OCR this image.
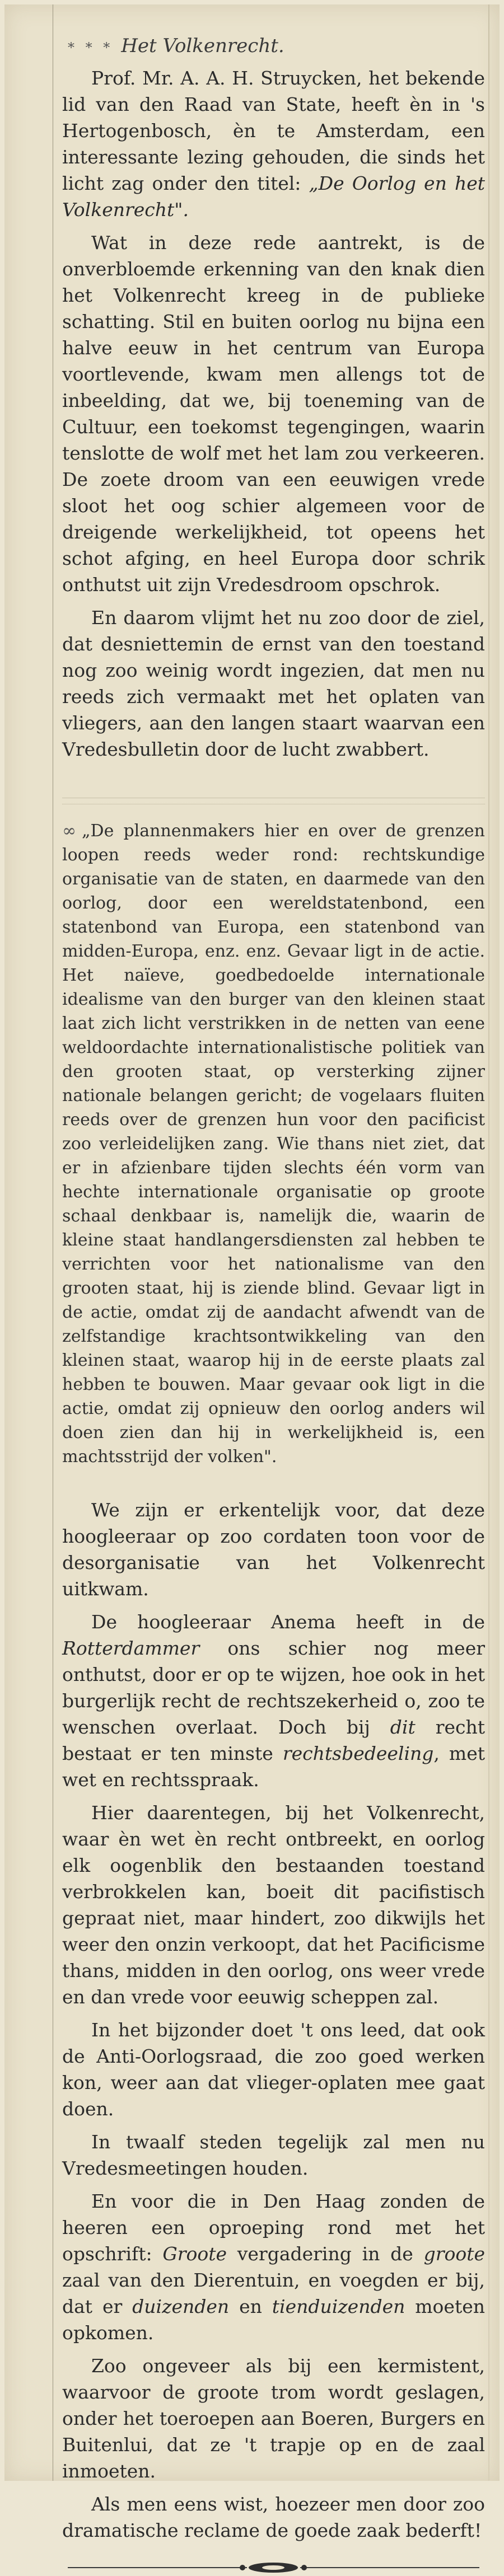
* * * Het Volkenrecht.

Prof. Mr. A. A. H. Struycken, het bekende lid van den Raad van State, heeft èn in 's Hertogenbosch, èn te Amsterdam, een interessante lezing gehouden, die sinds het licht zag onder den titel: „De Oorlog en het Volkenrecht".

Wat in deze rede aantrekt, is de onverbloemde erkenning van den knak dien het Volkenrecht kreeg in de publieke schatting. Stil en buiten oorlog nu bijna een halve eeuw in het centrum van Europa voortlevende, kwam men allengs tot de inbeelding, dat we, bij toeneming van de Cultuur, een toekomst tegengingen, waarin tenslotte de wolf met het lam zou verkeeren. De zoete droom van een eeuwigen vrede sloot het oog schier algemeen voor de dreigende werkelijkheid, tot opeens het schot afging, en heel Europa door schrik onthutst uit zijn Vredesdroom opschrok.

En daarom vlijmt het nu zoo door de ziel, dat desniettemin de ernst van den toestand nog zoo weinig wordt ingezien, dat men nu reeds zich vermaakt met het oplaten van vliegers, aan den langen staart waarvan een Vredesbulletin door de lucht zwabbert.

∞ „De plannenmakers hier en over de grenzen loopen reeds weder rond: rechtskundige organisatie van de staten, en daarmede van den oorlog, door een wereldstatenbond, een statenbond van Europa, een statenbond van midden-Europa, enz. enz. Gevaar ligt in de actie. Het naïeve, goedbedoelde internationale idealisme van den burger van den kleinen staat laat zich licht verstrikken in de netten van eene weldoordachte internationalistische politiek van den grooten staat, op versterking zijner nationale belangen gericht; de vogelaars fluiten reeds over de grenzen hun voor den pacificist zoo verleidelijken zang. Wie thans niet ziet, dat er in afzienbare tijden slechts één vorm van hechte internationale organisatie op groote schaal denkbaar is, namelijk die, waarin de kleine staat handlangersdiensten zal hebben te verrichten voor het nationalisme van den grooten staat, hij is ziende blind. Gevaar ligt in de actie, omdat zij de aandacht afwendt van de zelfstandige krachtsontwikkeling van den kleinen staat, waarop hij in de eerste plaats zal hebben te bouwen. Maar gevaar ook ligt in die actie, omdat zij opnieuw den oorlog anders wil doen zien dan hij in werkelijkheid is, een machtsstrijd der volken".

We zijn er erkentelijk voor, dat deze hoogleeraar op zoo cordaten toon voor de desorganisatie van het Volkenrecht uitkwam.

De hoogleeraar Anema heeft in de Rotterdammer ons schier nog meer onthutst, door er op te wijzen, hoe ook in het burgerlijk recht de rechtszekerheid o, zoo te wenschen overlaat. Doch bij dit recht bestaat er ten minste rechtsbedeeling, met wet en rechtsspraak.

Hier daarentegen, bij het Volkenrecht, waar èn wet èn recht ontbreekt, en oorlog elk oogenblik den bestaanden toestand verbrokkelen kan, boeit dit pacifistisch gepraat niet, maar hindert, zoo dikwijls het weer den onzin verkoopt, dat het Pacificisme thans, midden in den oorlog, ons weer vrede en dan vrede voor eeuwig scheppen zal.

In het bijzonder doet 't ons leed, dat ook de Anti-Oorlogsraad, die zoo goed werken kon, weer aan dat vlieger-oplaten mee gaat doen.

In twaalf steden tegelijk zal men nu Vredesmeetingen houden.

En voor die in Den Haag zonden de heeren een oproeping rond met het opschrift: Groote vergadering in de groote zaal van den Dierentuin, en voegden er bij, dat er duizenden en tienduizenden moeten opkomen.

Zoo ongeveer als bij een kermistent, waarvoor de groote trom wordt geslagen, onder het toeroepen aan Boeren, Burgers en Buitenlui, dat ze 't trapje op en de zaal inmoeten.

Als men eens wist, hoezeer men door zoo dramatische reclame de goede zaak bederft!
